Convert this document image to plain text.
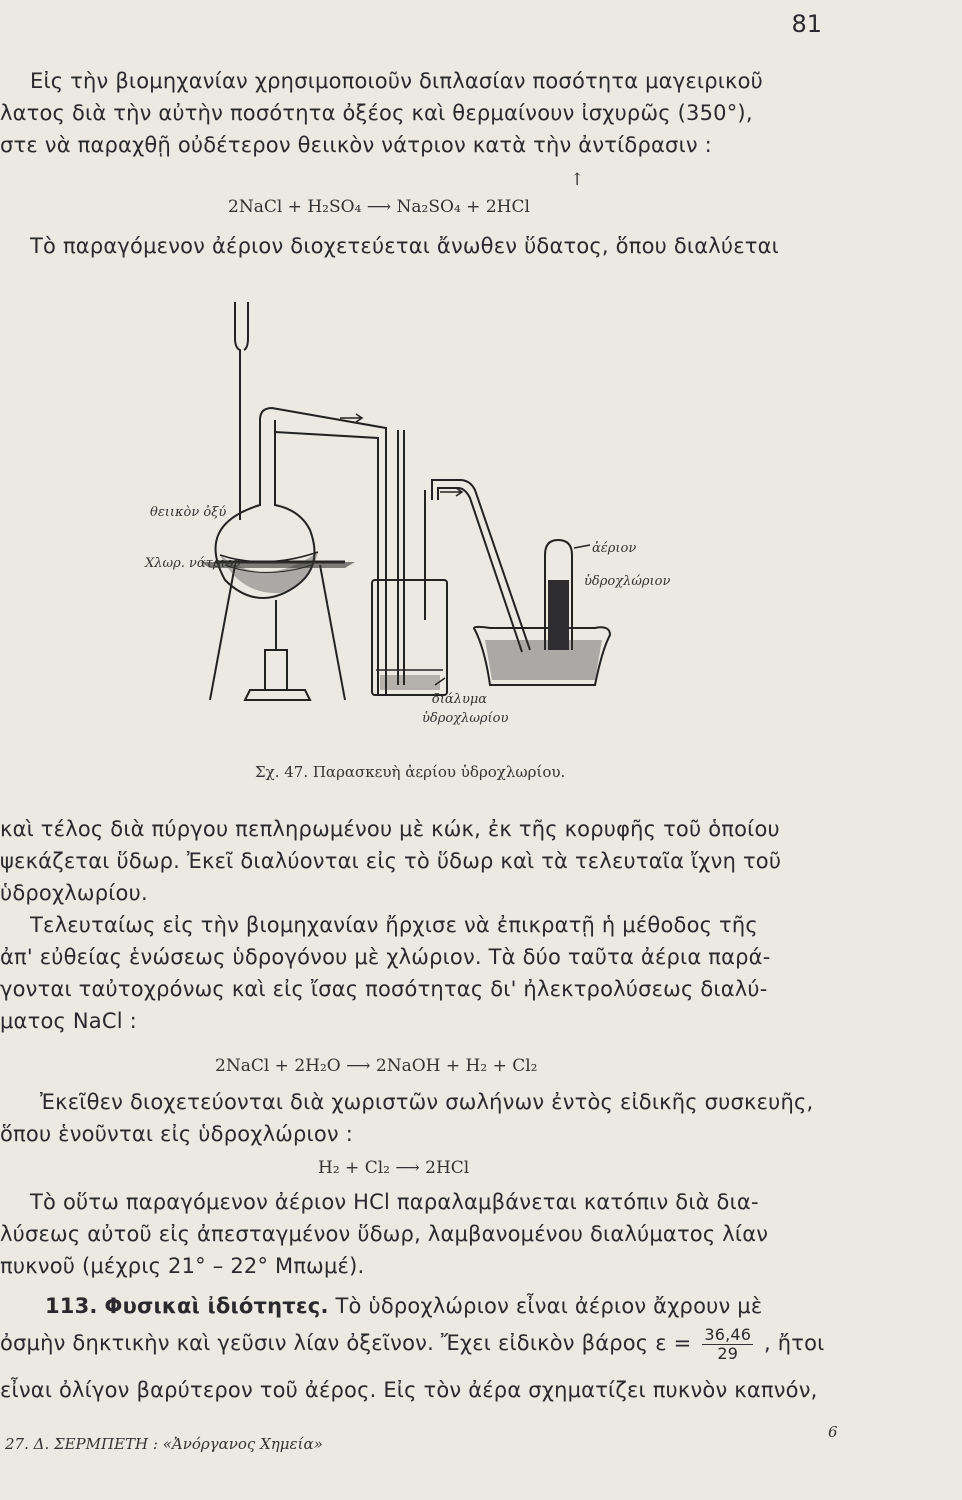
81
Εἰς τὴν βιομηχανίαν χρησιμοποιοῦν διπλασίαν ποσότητα μαγειρικοῦ
λατος διὰ τὴν αὐτὴν ποσότητα ὀξέος καὶ θερμαίνουν ἰσχυρῶς (350°),
στε νὰ παραχθῇ οὐδέτερον θειικὸν νάτριον κατὰ τὴν ἀντίδρασιν :
↑
2NaCl + H₂SO₄ ⟶ Na₂SO₄ + 2HCl
Τὸ παραγόμενον ἀέριον διοχετεύεται ἄνωθεν ὕδατος, ὅπου διαλύεται
θειικὸν ὀξύ
Χλωρ. νάτριον
ἀέριον
ὑδροχλώριον
διάλυμα
ὑδροχλωρίου
Σχ. 47. Παρασκευὴ ἀερίου ὑδροχλωρίου.
καὶ τέλος διὰ πύργου πεπληρωμένου μὲ κώκ, ἐκ τῆς κορυφῆς τοῦ ὁποίου
ψεκάζεται ὕδωρ. Ἐκεῖ διαλύονται εἰς τὸ ὕδωρ καὶ τὰ τελευταῖα ἴχνη τοῦ
ὑδροχλωρίου.
Τελευταίως εἰς τὴν βιομηχανίαν ἤρχισε νὰ ἐπικρατῇ ἡ μέθοδος τῆς
ἀπ' εὐθείας ἑνώσεως ὑδρογόνου μὲ χλώριον. Τὰ δύο ταῦτα ἀέρια παρά-
γονται ταὐτοχρόνως καὶ εἰς ἴσας ποσότητας δι' ἠλεκτρολύσεως διαλύ-
ματος NaCl :
2NaCl + 2H₂O ⟶ 2NaOH + H₂ + Cl₂
Ἐκεῖθεν διοχετεύονται διὰ χωριστῶν σωλήνων ἐντὸς εἰδικῆς συσκευῆς,
ὅπου ἑνοῦνται εἰς ὑδροχλώριον :
H₂ + Cl₂ ⟶ 2HCl
Τὸ οὕτω παραγόμενον ἀέριον HCl παραλαμβάνεται κατόπιν διὰ δια-
λύσεως αὐτοῦ εἰς ἀπεσταγμένον ὕδωρ, λαμβανομένου διαλύματος λίαν
πυκνοῦ (μέχρις 21° – 22° Μπωμέ).
113. Φυσικαὶ ἰδιότητες. Τὸ ὑδροχλώριον εἶναι ἀέριον ἄχρουν μὲ
ὀσμὴν δηκτικὴν καὶ γεῦσιν λίαν ὀξεῖνον. Ἔχει εἰδικὸν βάρος $\varepsilon = \frac{36,46}{29}$ , ἤτοι
εἶναι ὀλίγον βαρύτερον τοῦ ἀέρος. Εἰς τὸν ἀέρα σχηματίζει πυκνὸν καπνόν,
27. Δ. ΣΕΡΜΠΕΤΗ : «Ἀνόργανος Χημεία»
6
